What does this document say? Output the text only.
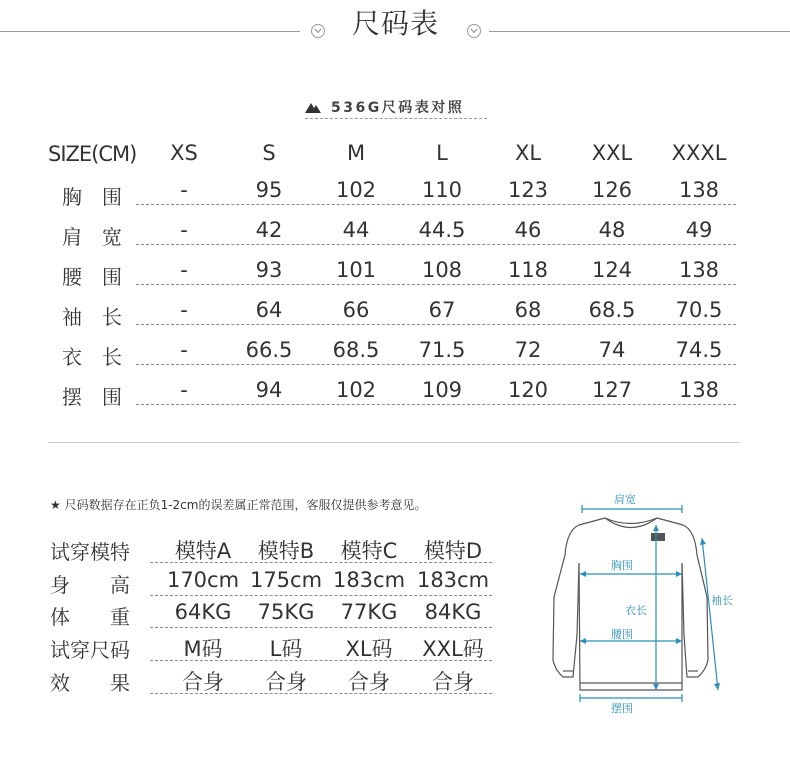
尺码表
536G尺码表对照
SIZE(CM)	XS	S	M	L	XL	XXL	XXXL
胸围	-	95	102	110	123	126	138
肩宽	-	42	44	44.5	46	48	49
腰围	-	93	101	108	118	124	138
袖长	-	64	66	67	68	68.5	70.5
衣长	-	66.5	68.5	71.5	72	74	74.5
摆围	-	94	102	109	120	127	138
★ 尺码数据存在正负1-2cm的误差属正常范围，客服仅提供参考意见。
试穿模特	模特A	模特B	模特C	模特D
身　　高 170cm 175cm 183cm 183cm
体　　重	64KG	75KG	77KG	84KG
试穿尺码	M码	L码	XL码	XXL码
效　　果	合身	合身	合身	合身
肩宽
胸围
衣长
腰围
摆围
袖长
